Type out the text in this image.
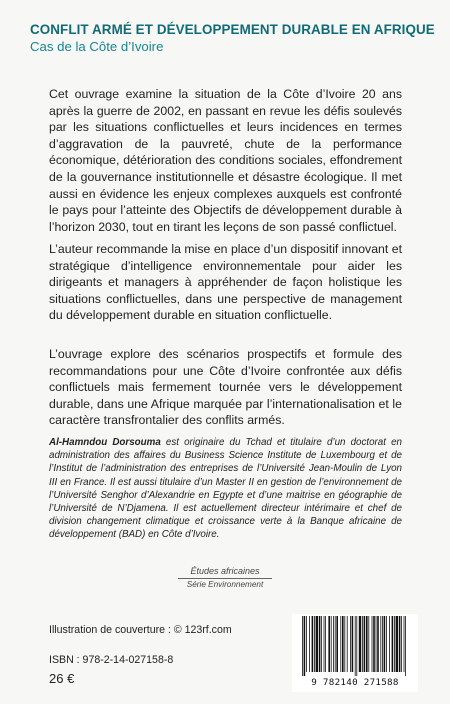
CONFLIT ARMÉ ET DÉVELOPPEMENT DURABLE EN AFRIQUE
Cas de la Côte d’Ivoire
Cet ouvrage examine la situation de la Côte d’Ivoire 20 ans après la guerre de 2002, en passant en revue les défis soulevés par les situations conflictuelles et leurs incidences en termes d’aggravation de la pauvreté, chute de la performance économique, détérioration des conditions sociales, effondrement de la gouvernance institutionnelle et désastre écologique. Il met aussi en évidence les enjeux complexes auxquels est confronté le pays pour l’atteinte des Objectifs de développement durable à l’horizon 2030, tout en tirant les leçons de son passé conflictuel.
L’auteur recommande la mise en place d’un dispositif innovant et stratégique d’intelligence environnementale pour aider les dirigeants et managers à appréhender de façon holistique les situations conflictuelles, dans une perspective de management du développement durable en situation conflictuelle.
L’ouvrage explore des scénarios prospectifs et formule des recommandations pour une Côte d’Ivoire confrontée aux défis conflictuels mais fermement tournée vers le développement durable, dans une Afrique marquée par l’internationalisation et le caractère transfrontalier des conflits armés.
Al-Hamndou Dorsouma est originaire du Tchad et titulaire d’un doctorat en administration des affaires du Business Science Institute de Luxembourg et de l’Institut de l’administration des entreprises de l’Université Jean-Moulin de Lyon III en France. Il est aussi titulaire d’un Master II en gestion de l’environnement de l’Université Senghor d’Alexandrie en Egypte et d’une maitrise en géographie de l’Université de N’Djamena. Il est actuellement directeur intérimaire et chef de division changement climatique et croissance verte à la Banque africaine de développement (BAD) en Côte d’Ivoire.
Études africaines
Série Environnement
Illustration de couverture : © 123rf.com
ISBN : 978-2-14-027158-8
26 €	9 782140 271588
